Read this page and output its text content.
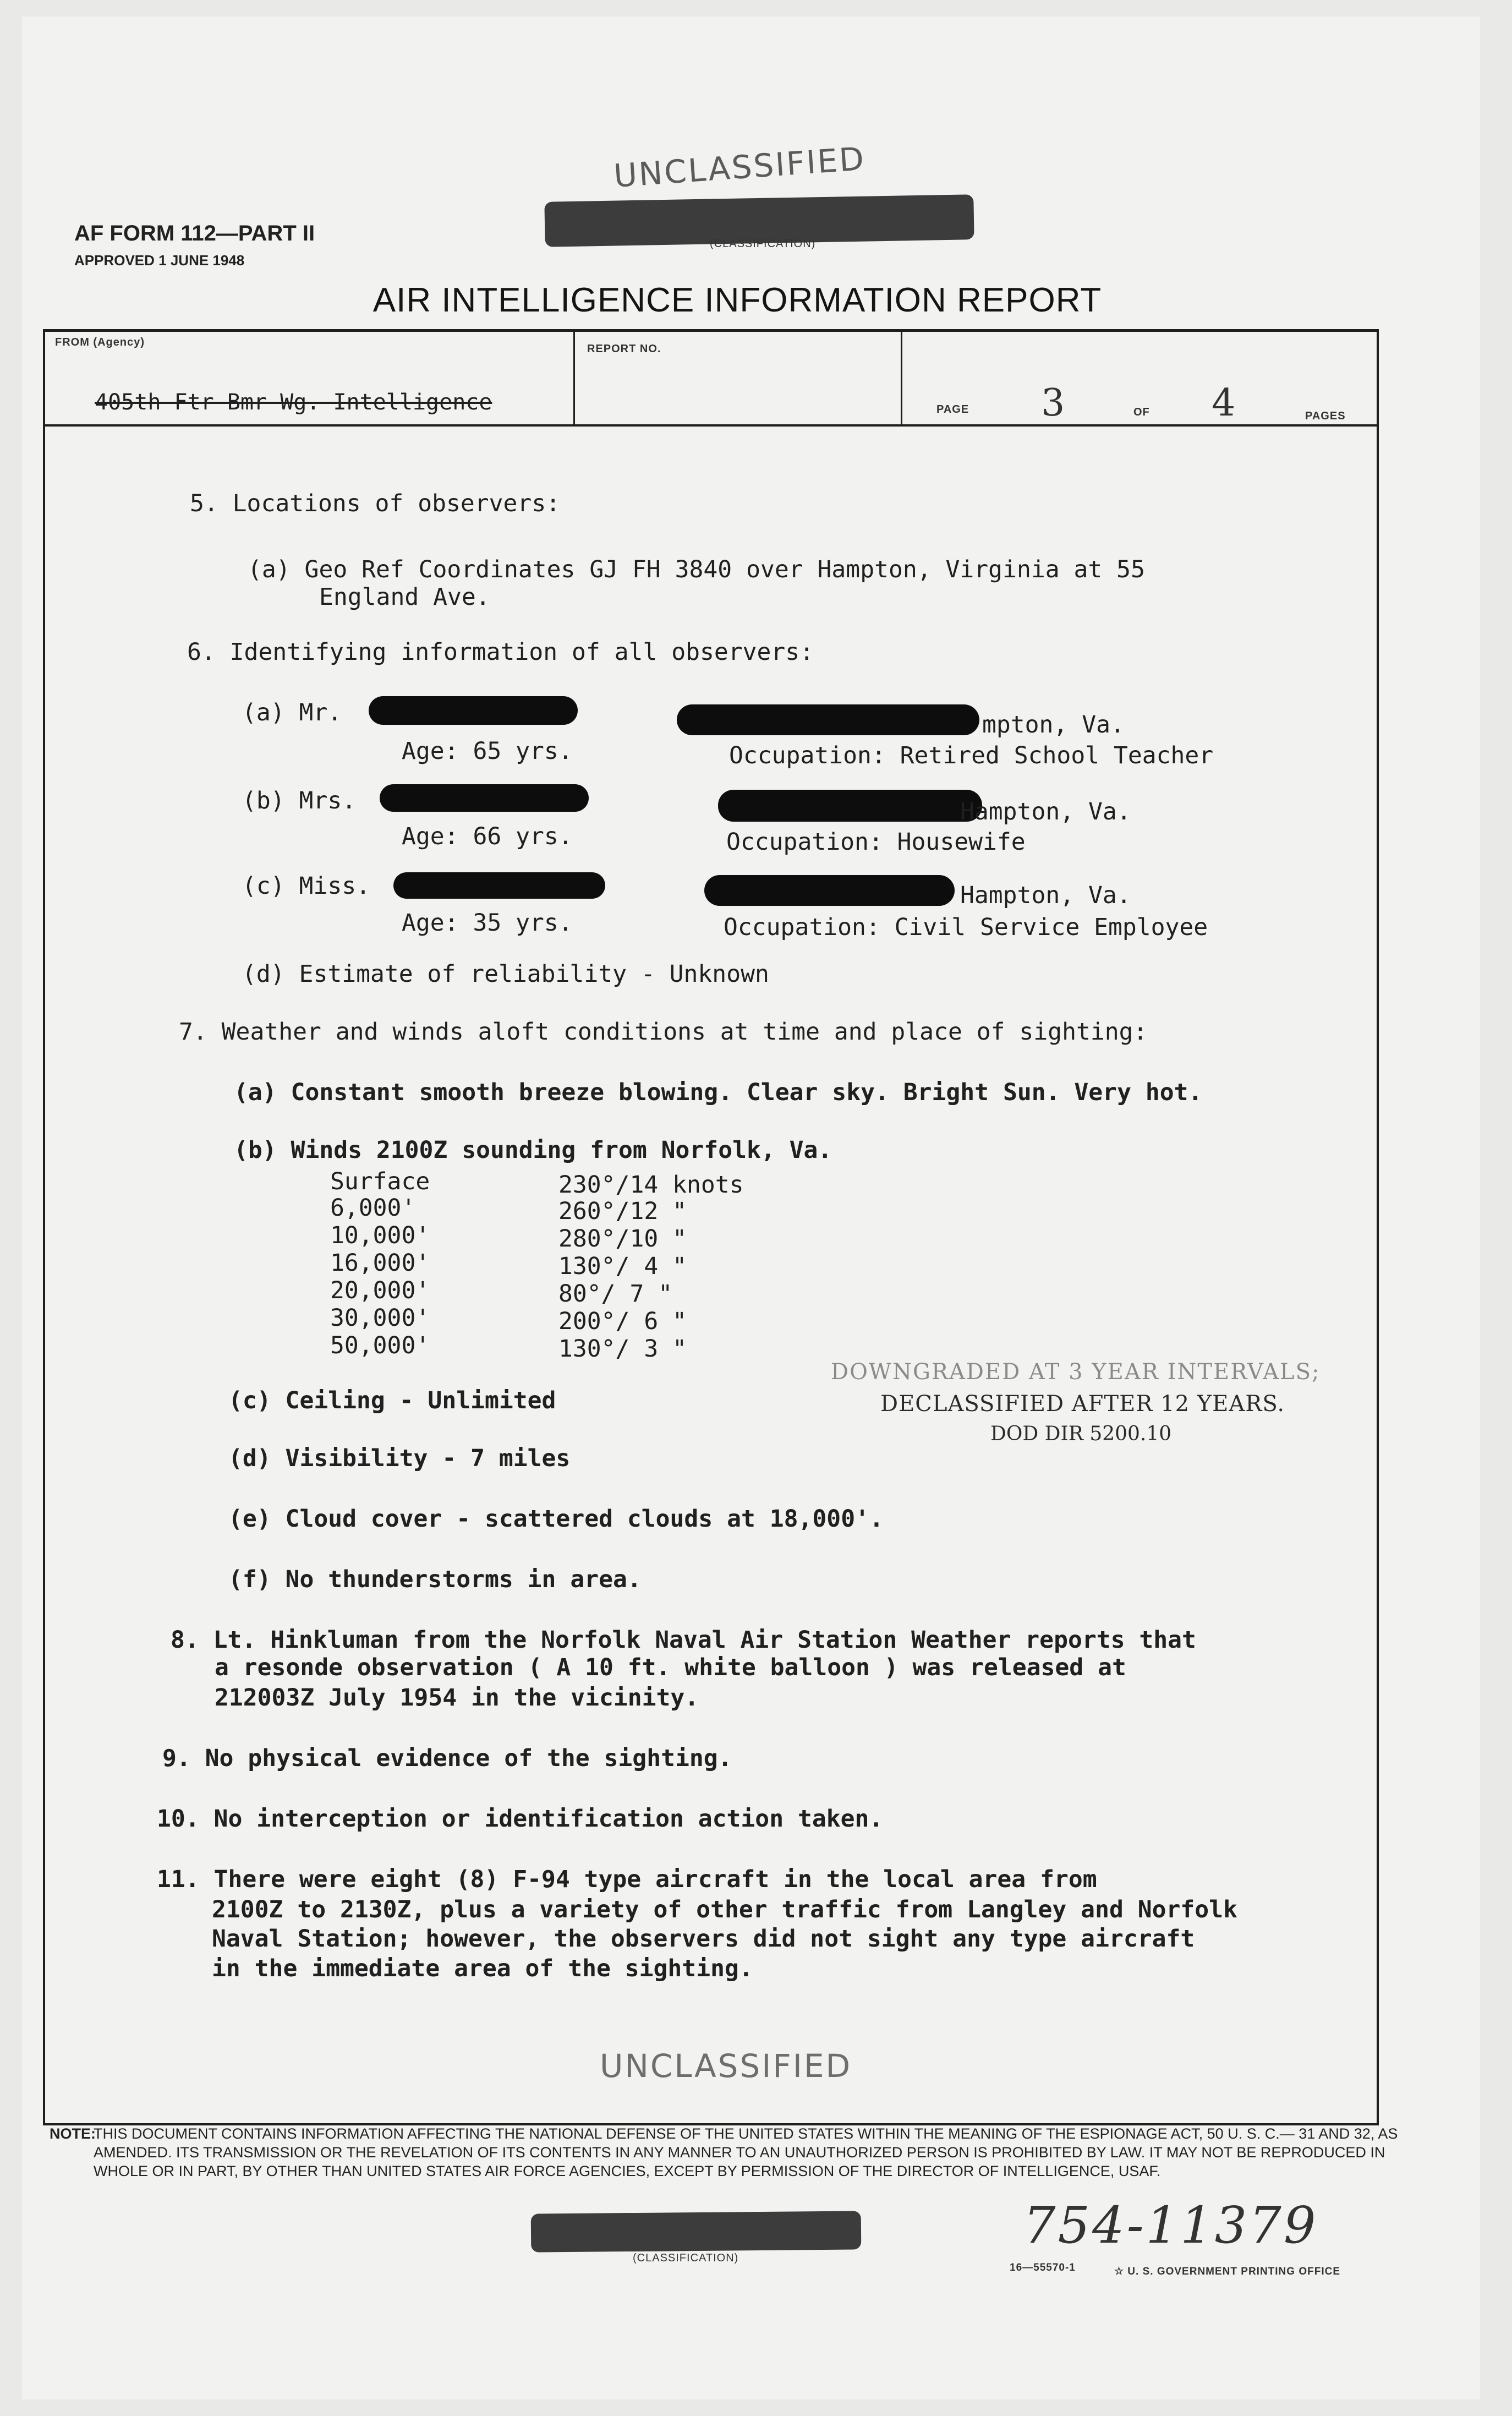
UNCLASSIFIED
(CLASSIFICATION)
AF FORM 112—PART II
APPROVED 1 JUNE 1948
AIR INTELLIGENCE INFORMATION REPORT
FROM (Agency)
405th Ftr Bmr Wg. Intelligence
REPORT NO.
PAGE 3	OF 4	PAGES
5. Locations of observers:
(a) Geo Ref Coordinates GJ FH 3840 over Hampton, Virginia at 55
England Ave.
6. Identifying information of all observers:
(a) Mr.	mpton, Va.
Age: 65 yrs.	Occupation: Retired School Teacher
(b) Mrs.	Hampton, Va.
Age: 66 yrs.	Occupation: Housewife
(c) Miss.	Hampton, Va.
Age: 35 yrs.	Occupation: Civil Service Employee
(d) Estimate of reliability - Unknown
7. Weather and winds aloft conditions at time and place of sighting:
(a) Constant smooth breeze blowing. Clear sky. Bright Sun. Very hot.
(b) Winds 2100Z sounding from Norfolk, Va.
Surface	230°/14 knots
6,000'	260°/12 "
10,000'	280°/10 "
16,000'	130°/ 4 "
20,000'	80°/ 7 "
30,000'	200°/ 6 "
50,000'	130°/ 3 "
DOWNGRADED AT 3 YEAR INTERVALS;
DECLASSIFIED AFTER 12 YEARS.
DOD DIR 5200.10
(c) Ceiling - Unlimited
(d) Visibility - 7 miles
(e) Cloud cover - scattered clouds at 18,000'.
(f) No thunderstorms in area.
8. Lt. Hinkluman from the Norfolk Naval Air Station Weather reports that
a resonde observation ( A 10 ft. white balloon ) was released at
212003Z July 1954 in the vicinity.
9. No physical evidence of the sighting.
10. No interception or identification action taken.
11. There were eight (8) F-94 type aircraft in the local area from
2100Z to 2130Z, plus a variety of other traffic from Langley and Norfolk
Naval Station; however, the observers did not sight any type aircraft
in the immediate area of the sighting.
UNCLASSIFIED
NOTE:
THIS DOCUMENT CONTAINS INFORMATION AFFECTING THE NATIONAL DEFENSE OF THE UNITED STATES WITHIN THE MEANING OF THE ESPIONAGE ACT, 50 U. S. C.— 31 AND 32, AS AMENDED. ITS TRANSMISSION OR THE REVELATION OF ITS CONTENTS IN ANY MANNER TO AN UNAUTHORIZED PERSON IS PROHIBITED BY LAW. IT MAY NOT BE REPRODUCED IN WHOLE OR IN PART, BY OTHER THAN UNITED STATES AIR FORCE AGENCIES, EXCEPT BY PERMISSION OF THE DIRECTOR OF INTELLIGENCE, USAF.
(CLASSIFICATION)
754-11379
16—55570-1	☆ U. S. GOVERNMENT PRINTING OFFICE
